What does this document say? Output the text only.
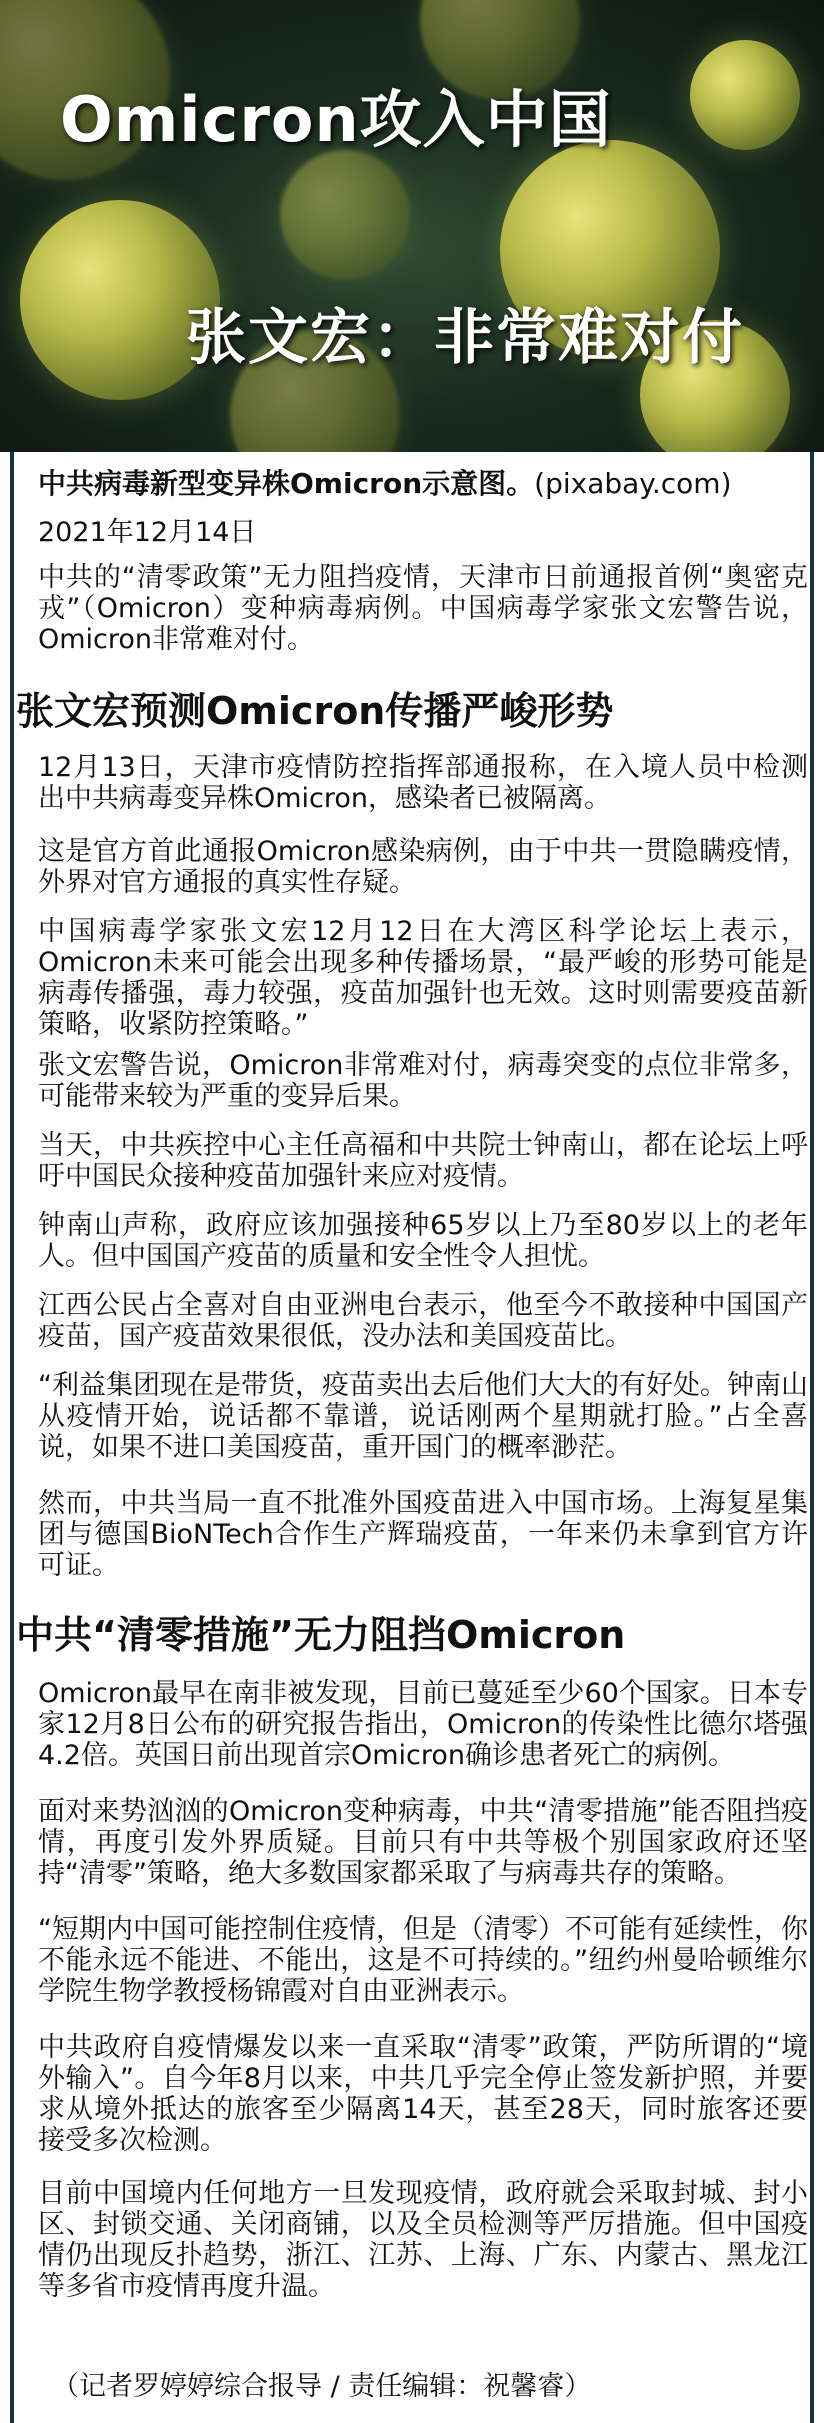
Omicron攻入中国
张文宏：非常难对付
中共病毒新型变异株Omicron示意图。(pixabay.com)
2021年12月14日
中共的“清零政策”无力阻挡疫情，天津市日前通报首例“奥密克戎”（Omicron）变种病毒病例。中国病毒学家张文宏警告说，Omicron非常难对付。
张文宏预测Omicron传播严峻形势
12月13日，天津市疫情防控指挥部通报称，在入境人员中检测出中共病毒变异株Omicron，感染者已被隔离。
这是官方首此通报Omicron感染病例，由于中共一贯隐瞒疫情，外界对官方通报的真实性存疑。
中国病毒学家张文宏12月12日在大湾区科学论坛上表示，Omicron未来可能会出现多种传播场景，“最严峻的形势可能是病毒传播强，毒力较强，疫苗加强针也无效。这时则需要疫苗新策略，收紧防控策略。”
张文宏警告说，Omicron非常难对付，病毒突变的点位非常多，可能带来较为严重的变异后果。
当天，中共疾控中心主任高福和中共院士钟南山，都在论坛上呼吁中国民众接种疫苗加强针来应对疫情。
钟南山声称，政府应该加强接种65岁以上乃至80岁以上的老年人。但中国国产疫苗的质量和安全性令人担忧。
江西公民占全喜对自由亚洲电台表示，他至今不敢接种中国国产疫苗，国产疫苗效果很低，没办法和美国疫苗比。
“利益集团现在是带货，疫苗卖出去后他们大大的有好处。钟南山从疫情开始，说话都不靠谱，说话刚两个星期就打脸。”占全喜说，如果不进口美国疫苗，重开国门的概率渺茫。
然而，中共当局一直不批准外国疫苗进入中国市场。上海复星集团与德国BioNTech合作生产辉瑞疫苗，一年来仍未拿到官方许可证。
中共“清零措施”无力阻挡Omicron
Omicron最早在南非被发现，目前已蔓延至少60个国家。日本专家12月8日公布的研究报告指出，Omicron的传染性比德尔塔强4.2倍。英国日前出现首宗Omicron确诊患者死亡的病例。
面对来势汹汹的Omicron变种病毒，中共“清零措施”能否阻挡疫情，再度引发外界质疑。目前只有中共等极个别国家政府还坚持“清零”策略，绝大多数国家都采取了与病毒共存的策略。
“短期内中国可能控制住疫情，但是（清零）不可能有延续性，你不能永远不能进、不能出，这是不可持续的。”纽约州曼哈顿维尔学院生物学教授杨锦霞对自由亚洲表示。
中共政府自疫情爆发以来一直采取“清零”政策，严防所谓的“境外输入”。自今年8月以来，中共几乎完全停止签发新护照，并要求从境外抵达的旅客至少隔离14天，甚至28天，同时旅客还要接受多次检测。
目前中国境内任何地方一旦发现疫情，政府就会采取封城、封小区、封锁交通、关闭商铺，以及全员检测等严厉措施。但中国疫情仍出现反扑趋势，浙江、江苏、上海、广东、内蒙古、黑龙江等多省市疫情再度升温。
（记者罗婷婷综合报导 / 责任编辑：祝馨睿）
